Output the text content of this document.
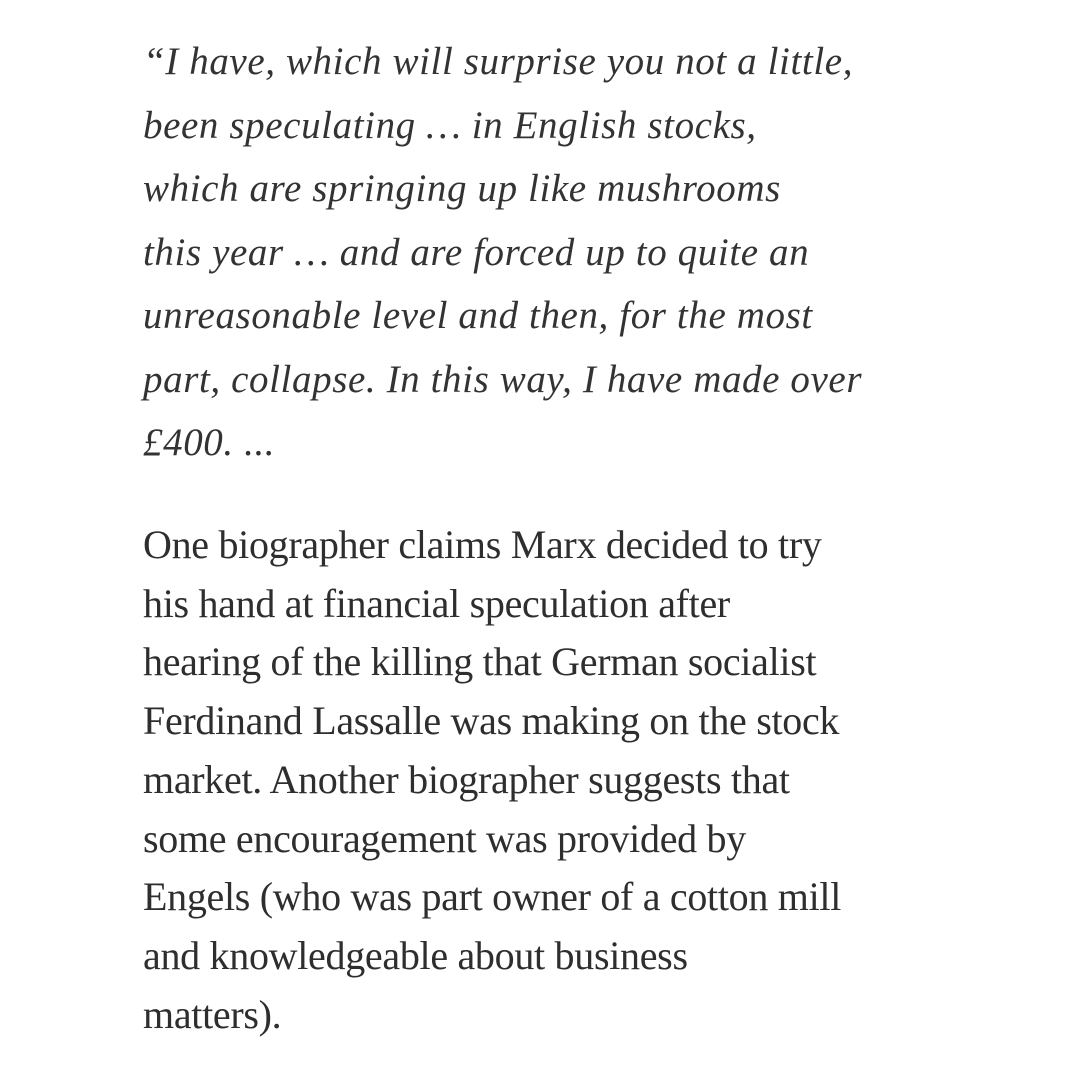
“I have, which will surprise you not a little,
been speculating … in English stocks,
which are springing up like mushrooms
this year … and are forced up to quite an
unreasonable level and then, for the most
part, collapse. In this way, I have made over
£400. ...

One biographer claims Marx decided to try
his hand at financial speculation after
hearing of the killing that German socialist
Ferdinand Lassalle was making on the stock
market. Another biographer suggests that
some encouragement was provided by
Engels (who was part owner of a cotton mill
and knowledgeable about business
matters).
